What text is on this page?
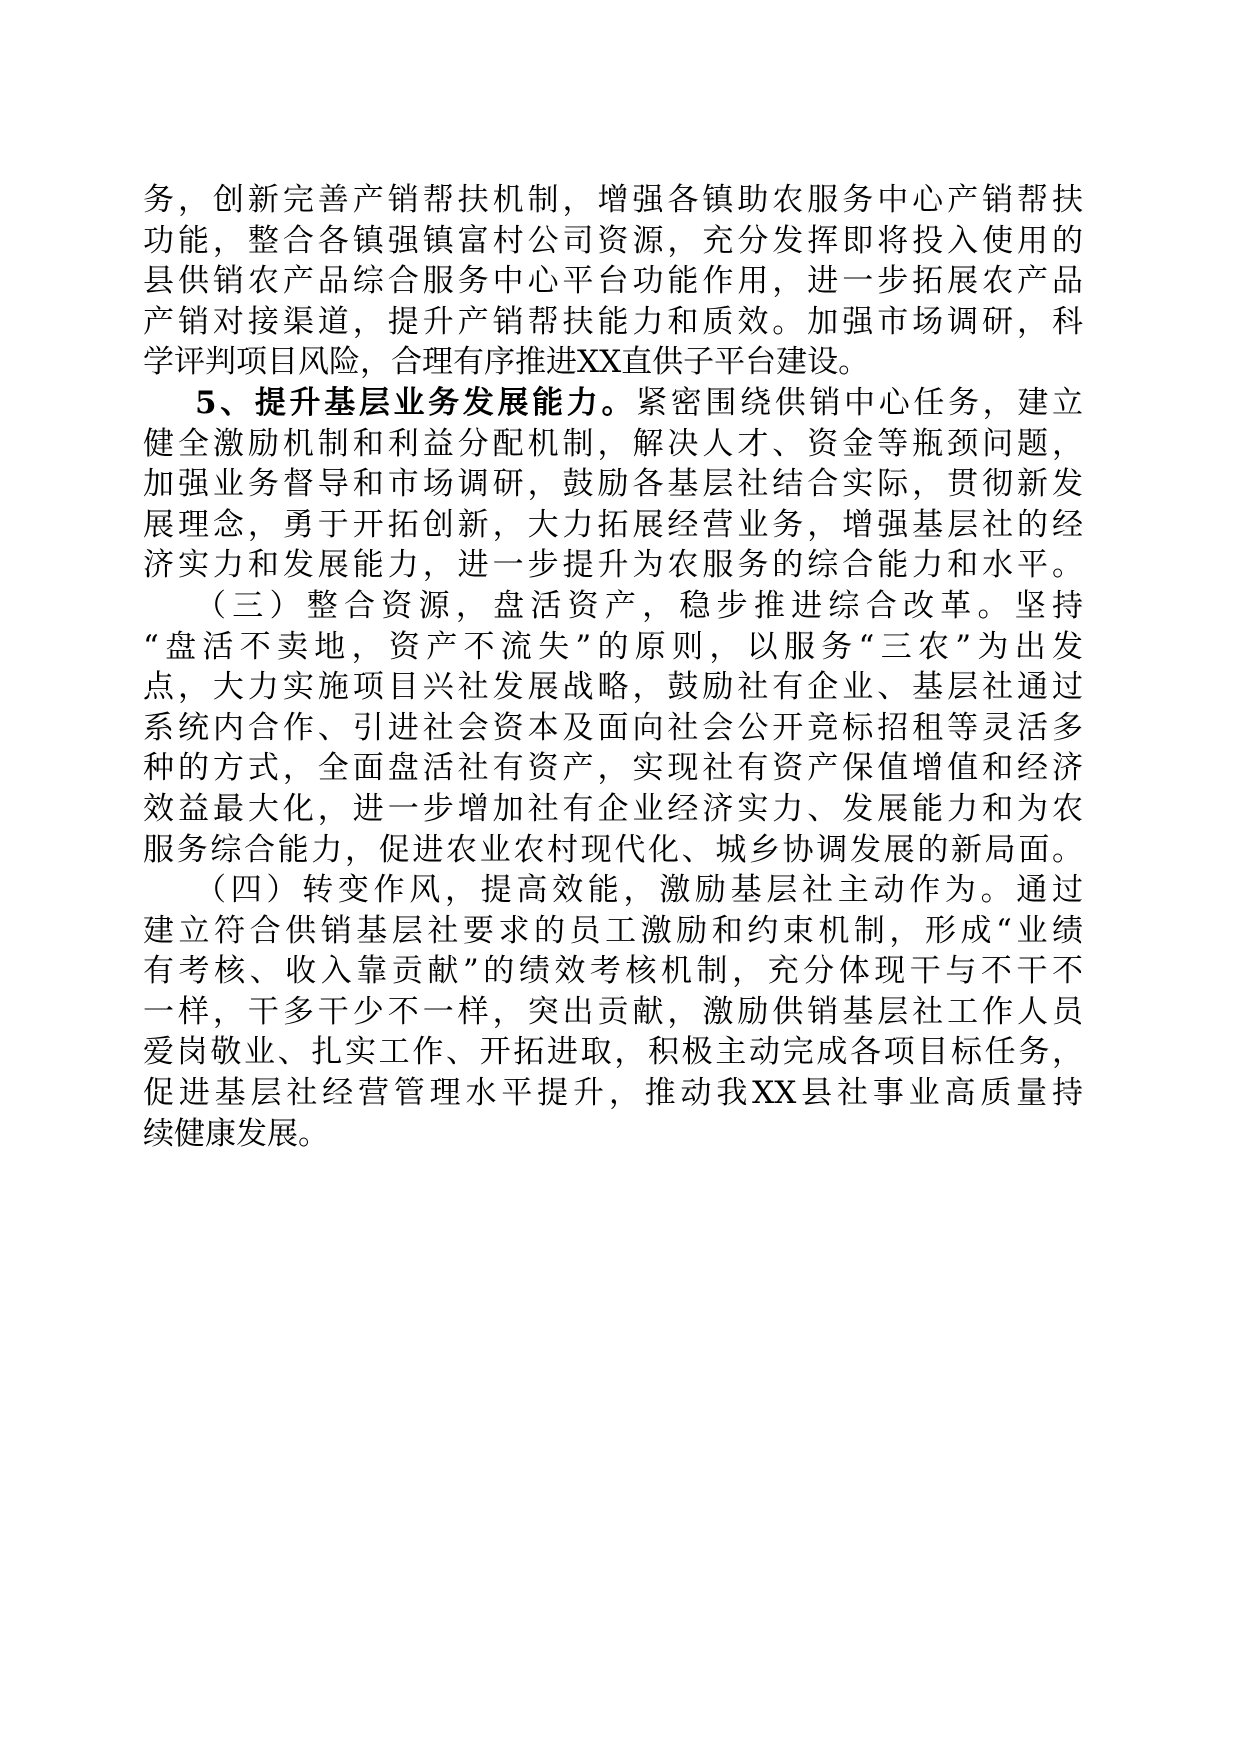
务，创新完善产销帮扶机制，增强各镇助农服务中心产销帮扶
功能，整合各镇强镇富村公司资源，充分发挥即将投入使用的
县供销农产品综合服务中心平台功能作用，进一步拓展农产品
产销对接渠道，提升产销帮扶能力和质效。加强市场调研，科
学评判项目风险，合理有序推进XX直供子平台建设。
5、提升基层业务发展能力。紧密围绕供销中心任务，建立
健全激励机制和利益分配机制，解决人才、资金等瓶颈问题，
加强业务督导和市场调研，鼓励各基层社结合实际，贯彻新发
展理念，勇于开拓创新，大力拓展经营业务，增强基层社的经
济实力和发展能力，进一步提升为农服务的综合能力和水平。
（三）整合资源，盘活资产，稳步推进综合改革。坚持
“盘活不卖地，资产不流失”的原则，以服务“三农”为出发
点，大力实施项目兴社发展战略，鼓励社有企业、基层社通过
系统内合作、引进社会资本及面向社会公开竞标招租等灵活多
种的方式，全面盘活社有资产，实现社有资产保值增值和经济
效益最大化，进一步增加社有企业经济实力、发展能力和为农
服务综合能力，促进农业农村现代化、城乡协调发展的新局面。
（四）转变作风，提高效能，激励基层社主动作为。通过
建立符合供销基层社要求的员工激励和约束机制，形成“业绩
有考核、收入靠贡献”的绩效考核机制，充分体现干与不干不
一样，干多干少不一样，突出贡献，激励供销基层社工作人员
爱岗敬业、扎实工作、开拓进取，积极主动完成各项目标任务，
促进基层社经营管理水平提升，推动我XX县社事业高质量持
续健康发展。
